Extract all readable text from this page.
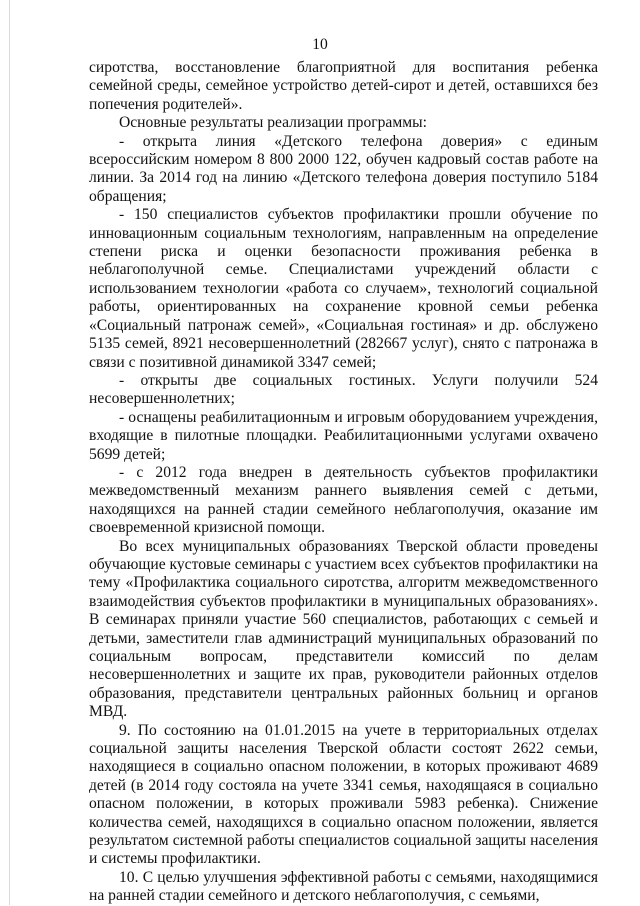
10

сиротства, восстановление благоприятной для воспитания ребенка семейной среды, семейное устройство детей-сирот и детей, оставшихся без попечения родителей».

Основные результаты реализации программы:

- открыта линия «Детского телефона доверия» с единым всероссийским номером 8 800 2000 122, обучен кадровый состав работе на линии. За 2014 год на линию «Детского телефона доверия поступило 5184 обращения;

- 150 специалистов субъектов профилактики прошли обучение по инновационным социальным технологиям, направленным на определение степени риска и оценки безопасности проживания ребенка в неблагополучной семье. Специалистами учреждений области с использованием технологии «работа со случаем», технологий социальной работы, ориентированных на сохранение кровной семьи ребенка «Социальный патронаж семей», «Социальная гостиная» и др. обслужено 5135 семей, 8921 несовершеннолетний (282667 услуг), снято с патронажа в связи с позитивной динамикой 3347 семей;

- открыты две социальных гостиных. Услуги получили 524 несовершеннолетних;

- оснащены реабилитационным и игровым оборудованием учреждения, входящие в пилотные площадки. Реабилитационными услугами охвачено 5699 детей;

- с 2012 года внедрен в деятельность субъектов профилактики межведомственный механизм раннего выявления семей с детьми, находящихся на ранней стадии семейного неблагополучия, оказание им своевременной кризисной помощи.

Во всех муниципальных образованиях Тверской области проведены обучающие кустовые семинары с участием всех субъектов профилактики на тему «Профилактика социального сиротства, алгоритм межведомственного взаимодействия субъектов профилактики в муниципальных образованиях». В семинарах приняли участие 560 специалистов, работающих с семьей и детьми, заместители глав администраций муниципальных образований по социальным вопросам, представители комиссий по делам несовершеннолетних и защите их прав, руководители районных отделов образования, представители центральных районных больниц и органов МВД.

9. По состоянию на 01.01.2015 на учете в территориальных отделах социальной защиты населения Тверской области состоят 2622 семьи, находящиеся в социально опасном положении, в которых проживают 4689 детей (в 2014 году состояла на учете 3341 семья, находящаяся в социально опасном положении, в которых проживали 5983 ребенка). Снижение количества семей, находящихся в социально опасном положении, является результатом системной работы специалистов социальной защиты населения и системы профилактики.

10. С целью улучшения эффективной работы с семьями, находящимися на ранней стадии семейного и детского неблагополучия, с семьями,
